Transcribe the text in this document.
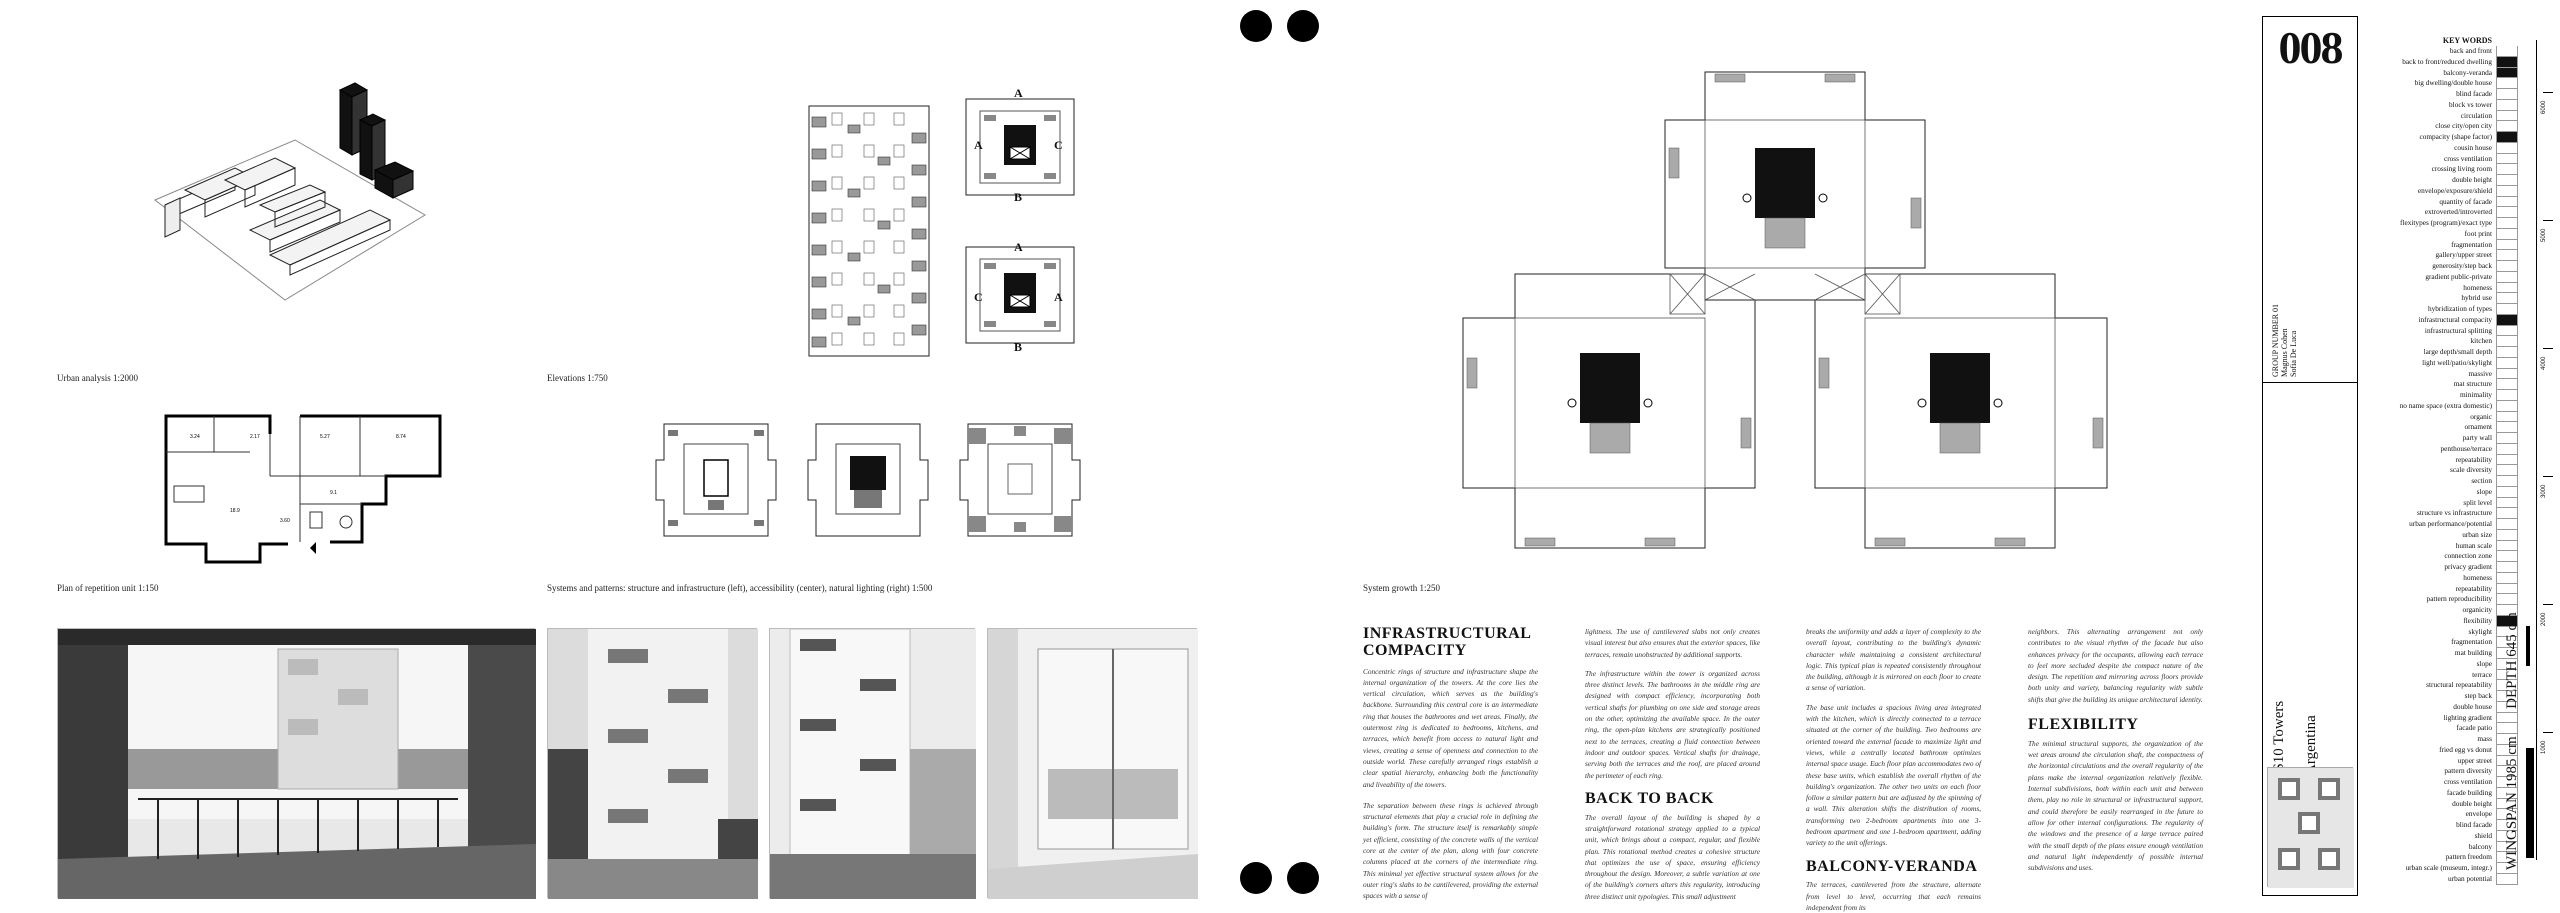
Urban analysis 1:2000
A
A	C
B
A
C	A
B
Elevations 1:750
3.24	2.17	5.27	8.74
18.9
9.1
3.60
Plan of repetition unit 1:150	Systems and patterns: structure and infrastructure (left), accessibility (center), natural lighting (right) 1:500	System growth 1:250
INFRASTRUCTURAL COMPACITY

Concentric rings of structure and infrastructure shape the internal organization of the towers. At the core lies the vertical circulation, which serves as the building's backbone. Surrounding this central core is an intermediate ring that houses the bathrooms and wet areas. Finally, the outermost ring is dedicated to bedrooms, kitchens, and terraces, which benefit from access to natural light and views, creating a sense of openness and connection to the outside world. These carefully arranged rings establish a clear spatial hierarchy, enhancing both the functionality and liveability of the towers.

The separation between these rings is achieved through structural elements that play a crucial role in defining the building's form. The structure itself is remarkably simple yet efficient, consisting of the concrete walls of the vertical core at the center of the plan, along with four concrete columns placed at the corners of the intermediate ring. This minimal yet effective structural system allows for the outer ring's slabs to be cantilevered, providing the external spaces with a sense of

lightness. The use of cantilevered slabs not only creates visual interest but also ensures that the exterior spaces, like terraces, remain unobstructed by additional supports.

The infrastructure within the tower is organized across three distinct levels. The bathrooms in the middle ring are designed with compact efficiency, incorporating both vertical shafts for plumbing on one side and storage areas on the other, optimizing the available space. In the outer ring, the open-plan kitchens are strategically positioned next to the terraces, creating a fluid connection between indoor and outdoor spaces. Vertical shafts for drainage, serving both the terraces and the roof, are placed around the perimeter of each ring.

BACK TO BACK

The overall layout of the building is shaped by a straightforward rotational strategy applied to a typical unit, which brings about a compact, regular, and flexible plan. This rotational method creates a cohesive structure that optimizes the use of space, ensuring efficiency throughout the design. Moreover, a subtle variation at one of the building's corners alters this regularity, introducing three distinct unit typologies. This small adjustment

breaks the uniformity and adds a layer of complexity to the overall layout, contributing to the building's dynamic character while maintaining a consistent architectural logic. This typical plan is repeated consistently throughout the building, although it is mirrored on each floor to create a sense of variation.

The base unit includes a spacious living area integrated with the kitchen, which is directly connected to a terrace situated at the corner of the building. Two bedrooms are oriented toward the external facade to maximize light and views, while a centrally located bathroom optimizes internal space usage. Each floor plan accommodates two of these base units, which establish the overall rhythm of the building's organization. The other two units on each floor follow a similar pattern but are adjusted by the spinning of a wall. This alteration shifts the distribution of rooms, transforming two 2-bedroom apartments into one 3-bedroom apartment and one 1-bedroom apartment, adding variety to the unit offerings.

BALCONY-VERANDA

The terraces, cantilevered from the structure, alternate from level to level, occurring that each remains independent from its

neighbors. This alternating arrangement not only contributes to the visual rhythm of the facade but also enhances privacy for the occupants, allowing each terrace to feel more secluded despite the compact nature of the design. The repetition and mirroring across floors provide both unity and variety, balancing regularity with subtle shifts that give the building its unique architectural identity.

FLEXIBILITY

The minimal structural supports, the organization of the wet areas around the circulation shaft, the compactness of the horizontal circulations and the overall regularity of the plans make the internal organization relatively flexible. Internal subdivisions, both within each unit and between them, play no role in structural or infrastructural support, and could therefore be easily rearranged in the future to allow for other internal configurations. The regularity of the windows and the presence of a large terrace paired with the small depth of the plans ensure enough ventilation and natural light independently of possible internal subdivisions and uses.

008
GROUP NUMBER 01 Magnus Cohen Sofia De Luca
S10 Towers
KEY WORDS
back and front
back to front/reduced dwelling
balcony-veranda
big dwelling/double house
blind facade
block vs tower
circulation
close city/open city
compacity (shape factor)
cousin house
cross ventilation
crossing living room
double height
envelope/exposure/shield
quantity of facade
extroverted/introverted
flexitypes (program)/exact type
foot print
fragmentation
gallery/upper street
generosity/step back
gradient public-private
homeness
hybrid use
hybridization of types
infrastructural compacity
infrastructural splitting
kitchen
large depth/small depth
light well/patio/skylight
massive
mat structure
minimality
no name space (extra domestic)
organic
ornament
party wall
penthouse/terrace
repeatability
scale diversity
section
slope
split level
structure vs infrastructure
urban performance/potential
urban size
human scale
connection zone
privacy gradient
homeness
repeatability
pattern reproducibility
organicity
flexibility
skylight
fragmentation
mat building
slope
terrace
structural repeatability
step back
double house
lighting gradient
facade patio
mass
fried egg vs donut
upper street
pattern diversity
cross ventilation
facade building
double height
envelope
blind facade
shield
balcony
pattern freedom
urban scale (museum, integr.)
urban potential
1000
2000
3000
4000
5000
6000
WINGSPAN 1985 cm  DEPTH 645 cm
